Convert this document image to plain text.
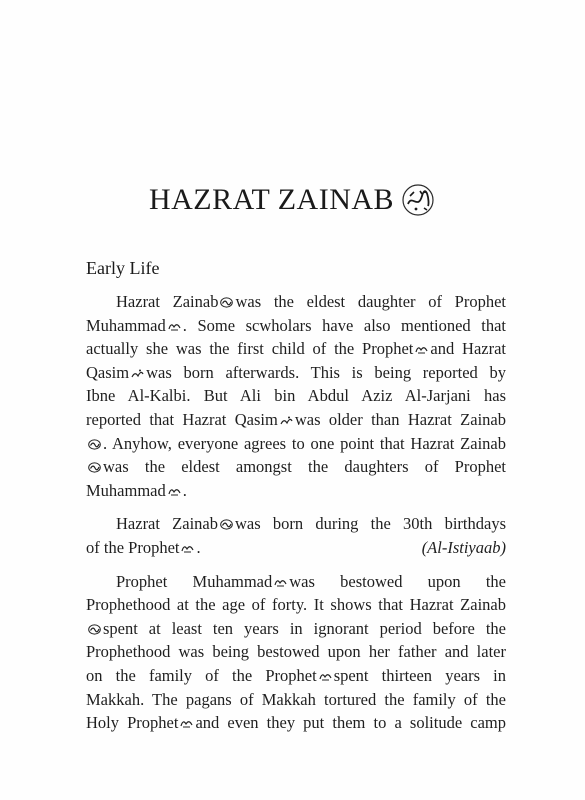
HAZRAT ZAINAB
Early Life
Hazrat Zainab was the eldest daughter of Prophet
Muhammad . Some scwholars have also mentioned that
actually she was the first child of the Prophet and Hazrat
Qasim was born afterwards. This is being reported by
Ibne Al-Kalbi. But Ali bin Abdul Aziz Al-Jarjani has
reported that Hazrat Qasim was older than Hazrat Zainab
. Anyhow, everyone agrees to one point that Hazrat Zainab
was the eldest amongst the daughters of Prophet
Muhammad .
Hazrat Zainab was born during the 30th birthdays
of the Prophet .	(Al-Istiyaab)
Prophet Muhammad was bestowed upon the
Prophethood at the age of forty. It shows that Hazrat Zainab
spent at least ten years in ignorant period before the
Prophethood was being bestowed upon her father and later
on the family of the Prophet spent thirteen years in
Makkah. The pagans of Makkah tortured the family of the
Holy Prophet and even they put them to a solitude camp
